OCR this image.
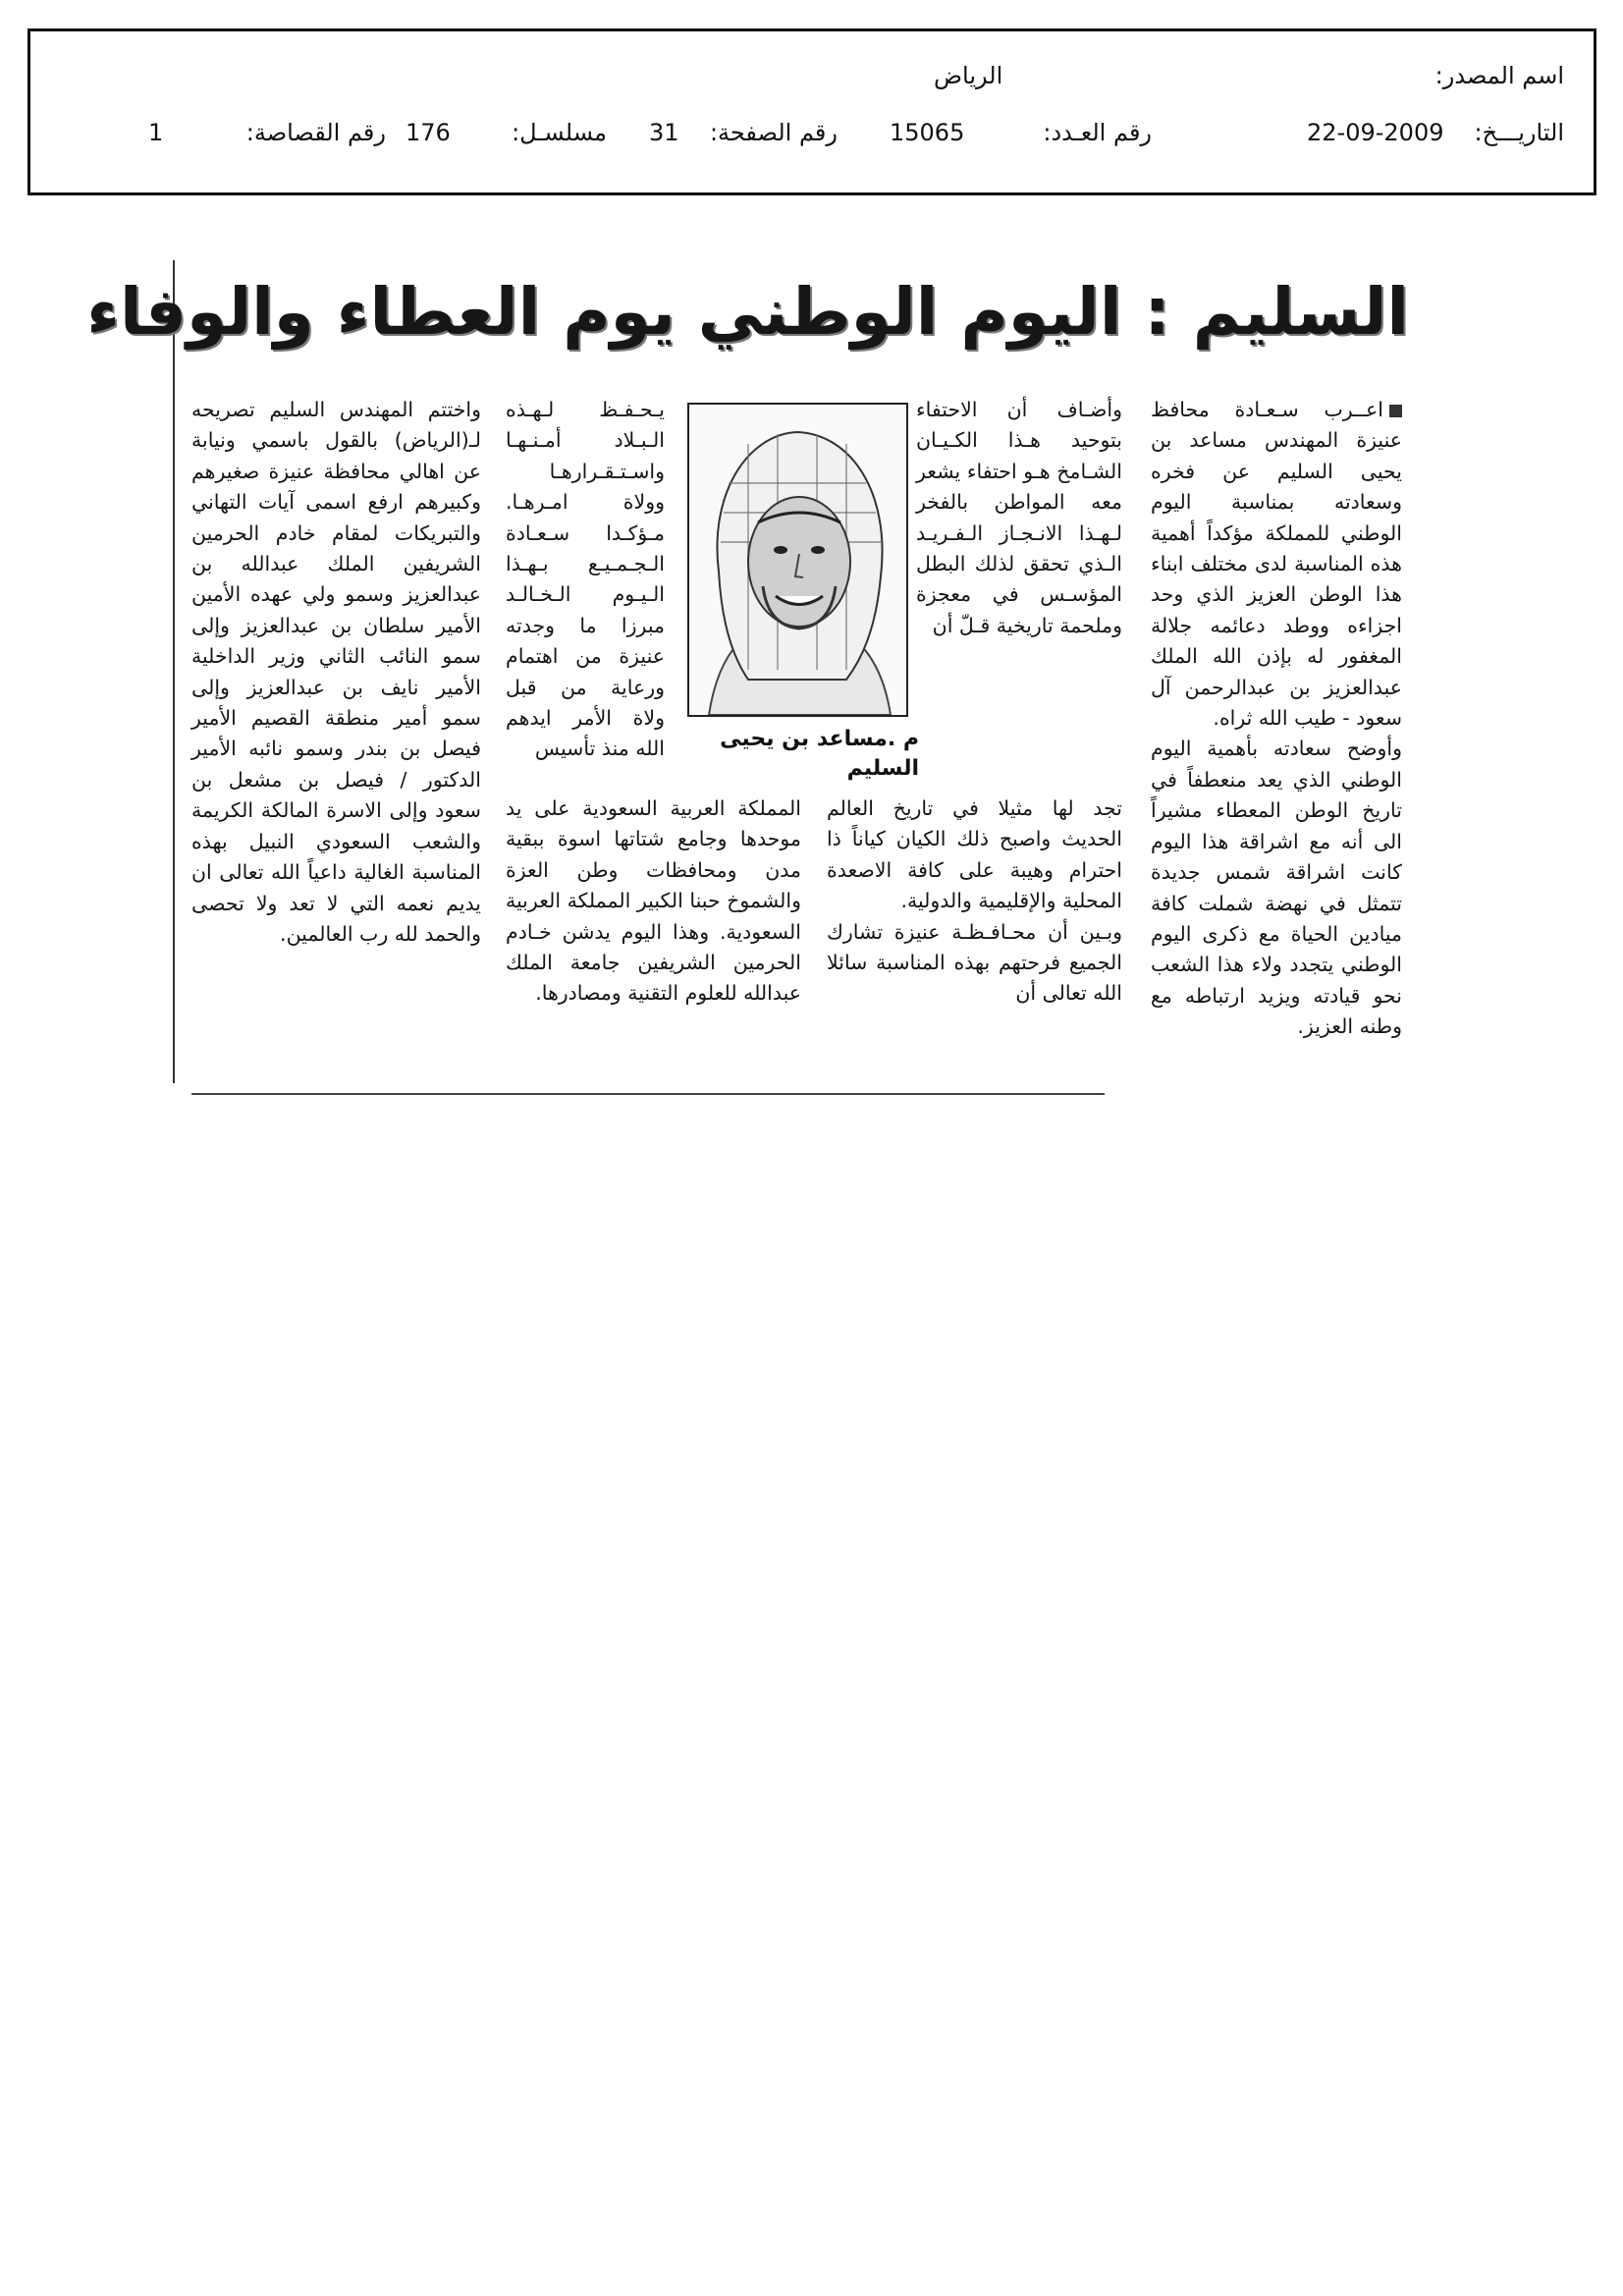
اسم المصدر:
الرياض
التاريـــخ:
22-09-2009
رقم العـدد:
15065
رقم الصفحة:
31
مسلسـل:
176
رقم القصاصة:
1
السليم : اليوم الوطني يوم العطاء والوفاء

اعــرب سـعـادة محافظ عنيزة المهندس مساعد بن يحيى السليم عن فخره وسعادته بمناسبة اليوم الوطني للمملكة مؤكداً أهمية هذه المناسبة لدى مختلف ابناء هذا الوطن العزيز الذي وحد اجزاءه ووطد دعائمه جلالة المغفور له بإذن الله الملك عبدالعزيز بن عبدالرحمن آل سعود - طيب الله ثراه.

وأوضح سعادته بأهمية اليوم الوطني الذي يعد منعطفاً في تاريخ الوطن المعطاء مشيراً الى أنه مع اشراقة هذا اليوم كانت اشراقة شمس جديدة تتمثل في نهضة شملت كافة ميادين الحياة مع ذكرى اليوم الوطني يتجدد ولاء هذا الشعب نحو قيادته ويزيد ارتباطه مع وطنه العزيز.

وأضـاف أن الاحتفاء بتوحيد هـذا الكـيـان الشـامخ هـو احتفاء يشعر معه المواطن بالفخر لـهـذا الانـجـاز الـفـريـد الـذي تحقق لذلك البطل المؤسـس في معجزة وملحمة تاريخية قـلّ أن

تجد لها مثيلا في تاريخ العالم الحديث واصبح ذلك الكيان كياناً ذا احترام وهيبة على كافة الاصعدة المحلية والإقليمية والدولية.

وبـين أن محـافـظـة عنيزة تشارك الجميع فرحتهم بهذه المناسبة سائلا الله تعالى أن

م .مساعد بن يحيى السليم

يـحـفـظ لـهـذه الـبـلاد أمـنـهـا واسـتـقـرارهـا وولاة امـرهـا. مـؤكـدا سـعـادة الـجـمـيـع بـهـذا الـيـوم الـخـالـد مبرزا ما وجدته عنيزة من اهتمام ورعاية من قبل ولاة الأمر ايدهم الله منذ تأسيس

المملكة العربية السعودية على يد موحدها وجامع شتاتها اسوة ببقية مدن ومحافظات وطن العزة والشموخ حبنا الكبير المملكة العربية السعودية. وهذا اليوم يدشن خـادم الحرمين الشريفين جامعة الملك عبدالله للعلوم التقنية ومصادرها.

واختتم المهندس السليم تصريحه لـ(الرياض) بالقول باسمي ونيابة عن اهالي محافظة عنيزة صغيرهم وكبيرهم ارفع اسمى آيات التهاني والتبريكات لمقام خادم الحرمين الشريفين الملك عبدالله بن عبدالعزيز وسمو ولي عهده الأمين الأمير سلطان بن عبدالعزيز وإلى سمو النائب الثاني وزير الداخلية الأمير نايف بن عبدالعزيز وإلى سمو أمير منطقة القصيم الأمير فيصل بن بندر وسمو نائبه الأمير الدكتور / فيصل بن مشعل بن سعود وإلى الاسرة المالكة الكريمة والشعب السعودي النبيل بهذه المناسبة الغالية داعياً الله تعالى ان يديم نعمه التي لا تعد ولا تحصى والحمد لله رب العالمين.
